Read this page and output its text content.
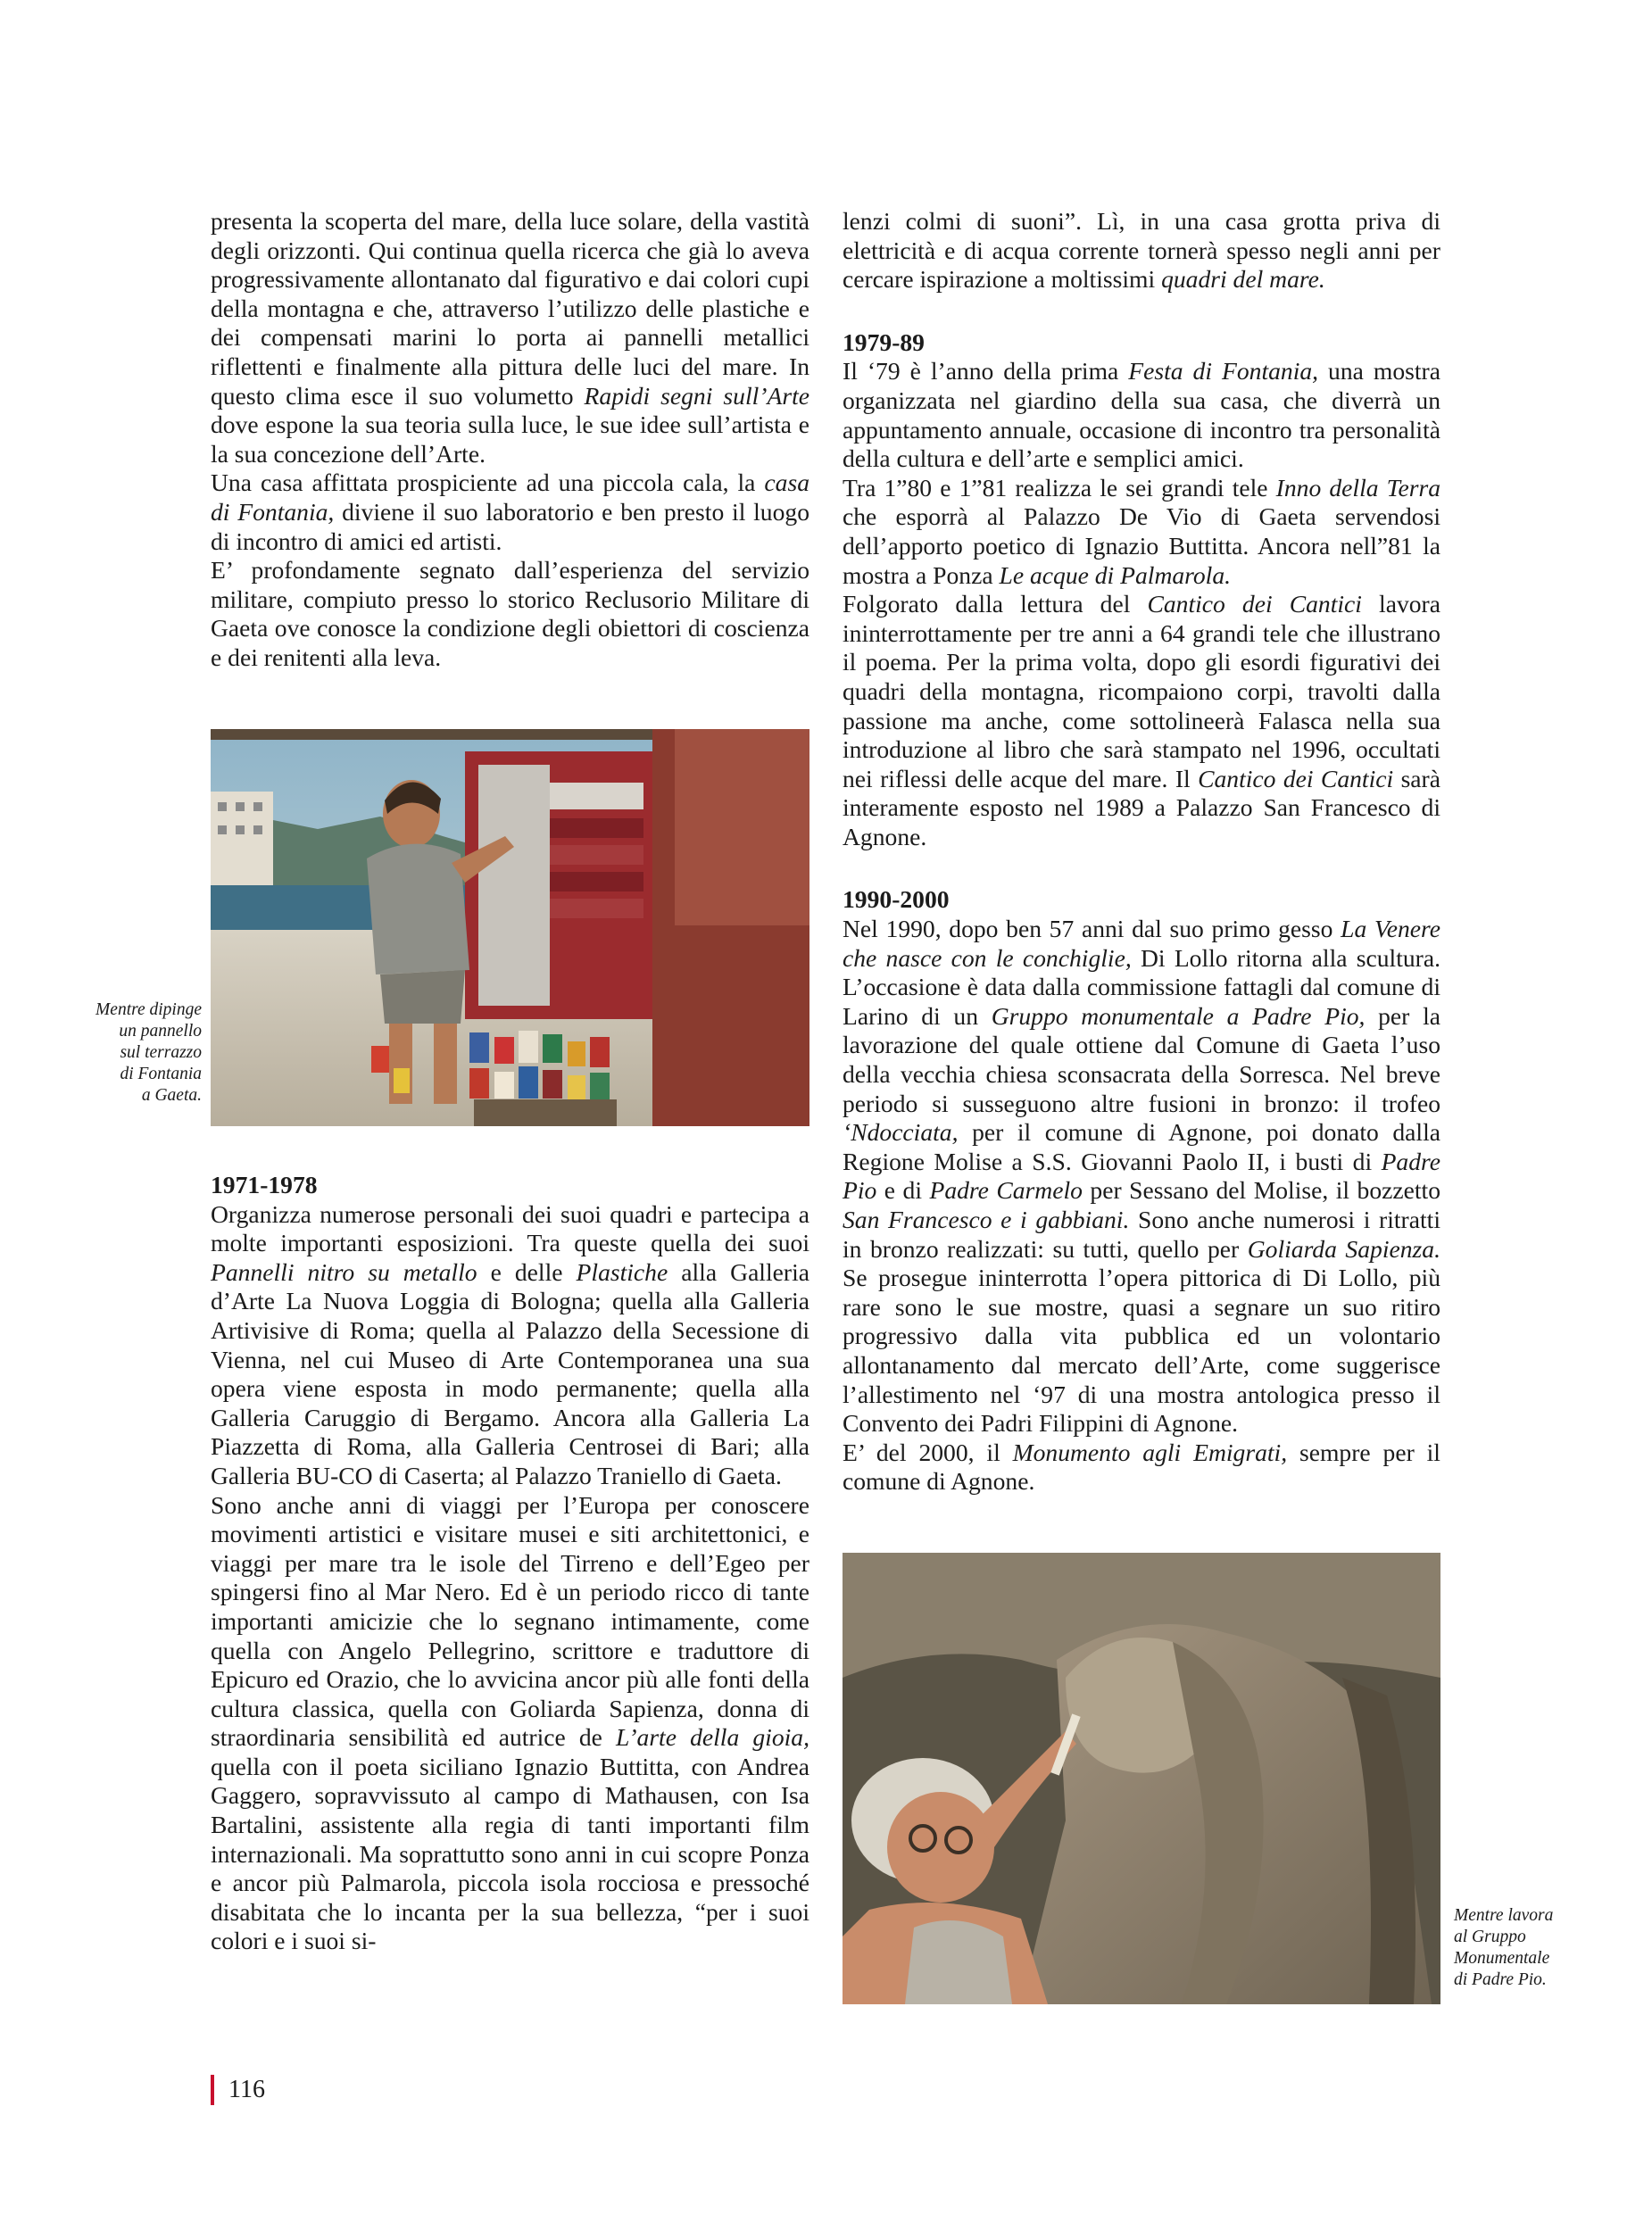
presenta la scoperta del mare, della luce solare, della vastità degli orizzonti. Qui continua quella ricerca che già lo aveva progressivamente allontanato dal figurativo e dai colori cupi della montagna e che, attraverso l’utilizzo delle plastiche e dei compensati marini lo porta ai pannelli metallici riflettenti e finalmente alla pittura delle luci del mare. In questo clima esce il suo volumetto Rapidi segni sull’Arte dove espone la sua teoria sulla luce, le sue idee sull’artista e la sua concezione dell’Arte.

Una casa affittata prospiciente ad una piccola cala, la casa di Fontania, diviene il suo laboratorio e ben presto il luogo di incontro di amici ed artisti.

E’ profondamente segnato dall’esperienza del servizio militare, compiuto presso lo storico Reclusorio Militare di Gaeta ove conosce la condizione degli obiettori di coscienza e dei renitenti alla leva.

Mentre dipinge
un pannello
sul terrazzo
di Fontania
a Gaeta.

1971-1978

Organizza numerose personali dei suoi quadri e partecipa a molte importanti esposizioni. Tra queste quella dei suoi Pannelli nitro su metallo e delle Plastiche alla Galleria d’Arte La Nuova Loggia di Bologna; quella alla Galleria Artivisive di Roma; quella al Palazzo della Secessione di Vienna, nel cui Museo di Arte Contemporanea una sua opera viene esposta in modo permanente; quella alla Galleria Caruggio di Bergamo. Ancora alla Galleria La Piazzetta di Roma, alla Galleria Centrosei di Bari; alla Galleria BU-CO di Caserta; al Palazzo Traniello di Gaeta.

Sono anche anni di viaggi per l’Europa per conoscere movimenti artistici e visitare musei e siti architettonici, e viaggi per mare tra le isole del Tirreno e dell’Egeo per spingersi fino al Mar Nero. Ed è un periodo ricco di tante importanti amicizie che lo segnano intimamente, come quella con Angelo Pellegrino, scrittore e traduttore di Epicuro ed Orazio, che lo avvicina ancor più alle fonti della cultura classica, quella con Goliarda Sapienza, donna di straordinaria sensibilità ed autrice de L’arte della gioia, quella con il poeta siciliano Ignazio Buttitta, con Andrea Gaggero, sopravvissuto al campo di Mathausen, con Isa Bartalini, assistente alla regia di tanti importanti film internazionali. Ma soprattutto sono anni in cui scopre Ponza e ancor più Palmarola, piccola isola rocciosa e pressoché disabitata che lo incanta per la sua bellezza, “per i suoi colori e i suoi si-

lenzi colmi di suoni”. Lì, in una casa grotta priva di elettricità e di acqua corrente tornerà spesso negli anni per cercare ispirazione a moltissimi quadri del mare.

1979-89

Il ‘79 è l’anno della prima Festa di Fontania, una mostra organizzata nel giardino della sua casa, che diverrà un appuntamento annuale, occasione di incontro tra personalità della cultura e dell’arte e semplici amici.

Tra 1”80 e 1”81 realizza le sei grandi tele Inno della Terra che esporrà al Palazzo De Vio di Gaeta servendosi dell’apporto poetico di Ignazio Buttitta. Ancora nell”81 la mostra a Ponza Le acque di Palmarola.

Folgorato dalla lettura del Cantico dei Cantici lavora ininterrottamente per tre anni a 64 grandi tele che illustrano il poema. Per la prima volta, dopo gli esordi figurativi dei quadri della montagna, ricompaiono corpi, travolti dalla passione ma anche, come sottolineerà Falasca nella sua introduzione al libro che sarà stampato nel 1996, occultati nei riflessi delle acque del mare. Il Cantico dei Cantici sarà interamente esposto nel 1989 a Palazzo San Francesco di Agnone.

1990-2000

Nel 1990, dopo ben 57 anni dal suo primo gesso La Venere che nasce con le conchiglie, Di Lollo ritorna alla scultura. L’occasione è data dalla commissione fattagli dal comune di Larino di un Gruppo monumentale a Padre Pio, per la lavorazione del quale ottiene dal Comune di Gaeta l’uso della vecchia chiesa sconsacrata della Sorresca. Nel breve periodo si susseguono altre fusioni in bronzo: il trofeo ‘Ndocciata, per il comune di Agnone, poi donato dalla Regione Molise a S.S. Giovanni Paolo II, i busti di Padre Pio e di Padre Carmelo per Sessano del Molise, il bozzetto San Francesco e i gabbiani. Sono anche numerosi i ritratti in bronzo realizzati: su tutti, quello per Goliarda Sapienza. Se prosegue ininterrotta l’opera pittorica di Di Lollo, più rare sono le sue mostre, quasi a segnare un suo ritiro progressivo dalla vita pubblica ed un volontario allontanamento dal mercato dell’Arte, come suggerisce l’allestimento nel ‘97 di una mostra antologica presso il Convento dei Padri Filippini di Agnone.

E’ del 2000, il Monumento agli Emigrati, sempre per il comune di Agnone.

Mentre lavora
al Gruppo
Monumentale
di Padre Pio.
116
